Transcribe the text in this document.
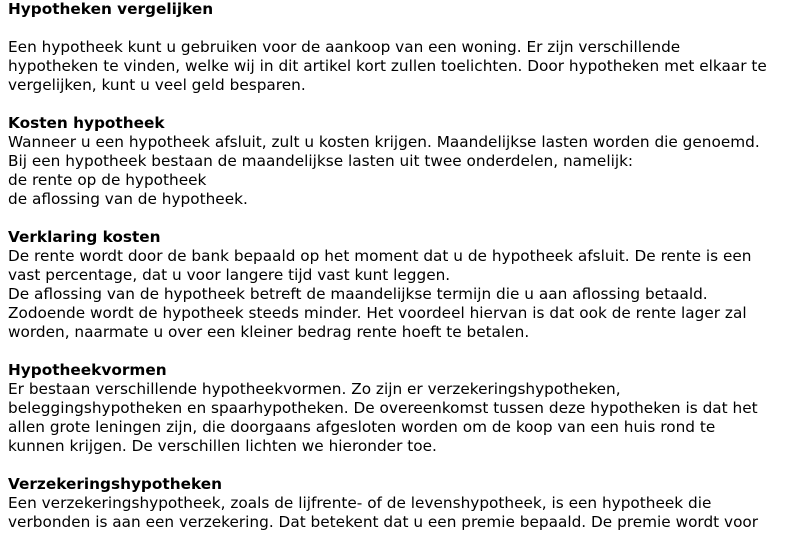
Hypotheken vergelijken

Een hypotheek kunt u gebruiken voor de aankoop van een woning. Er zijn verschillende

hypotheken te vinden, welke wij in dit artikel kort zullen toelichten. Door hypotheken met elkaar te

vergelijken, kunt u veel geld besparen.

Kosten hypotheek

Wanneer u een hypotheek afsluit, zult u kosten krijgen. Maandelijkse lasten worden die genoemd.

Bij een hypotheek bestaan de maandelijkse lasten uit twee onderdelen, namelijk:

de rente op de hypotheek

de aflossing van de hypotheek.

Verklaring kosten

De rente wordt door de bank bepaald op het moment dat u de hypotheek afsluit. De rente is een

vast percentage, dat u voor langere tijd vast kunt leggen.

De aflossing van de hypotheek betreft de maandelijkse termijn die u aan aflossing betaald.

Zodoende wordt de hypotheek steeds minder. Het voordeel hiervan is dat ook de rente lager zal

worden, naarmate u over een kleiner bedrag rente hoeft te betalen.

Hypotheekvormen

Er bestaan verschillende hypotheekvormen. Zo zijn er verzekeringshypotheken,

beleggingshypotheken en spaarhypotheken. De overeenkomst tussen deze hypotheken is dat het

allen grote leningen zijn, die doorgaans afgesloten worden om de koop van een huis rond te

kunnen krijgen. De verschillen lichten we hieronder toe.

Verzekeringshypotheken

Een verzekeringshypotheek, zoals de lijfrente- of de levenshypotheek, is een hypotheek die

verbonden is aan een verzekering. Dat betekent dat u een premie bepaald. De premie wordt voor
